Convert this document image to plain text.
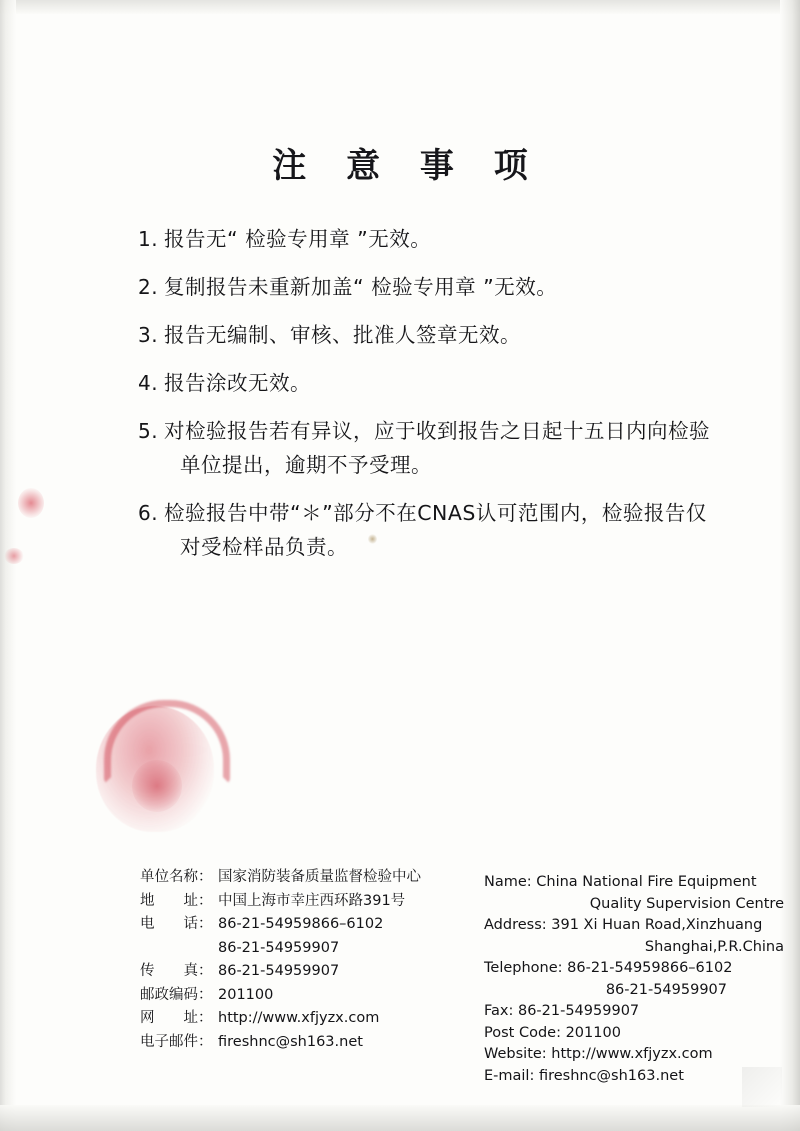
注 意 事 项
1. 报告无“ 检验专用章 ”无效。
2. 复制报告未重新加盖“ 检验专用章 ”无效。
3. 报告无编制、审核、批准人签章无效。
4. 报告涂改无效。
5. 对检验报告若有异议，应于收到报告之日起十五日内向检验
单位提出，逾期不予受理。
6. 检验报告中带“＊”部分不在CNAS认可范围内，检验报告仅
对受检样品负责。
单位名称： 国家消防装备质量监督检验中心
地　　址： 中国上海市幸庄西环路391号
电　　话： 86-21-54959866–6102
86-21-54959907
传　　真： 86-21-54959907
邮政编码： 201100
网　　址： http://www.xfjyzx.com
电子邮件： fireshnc@sh163.net
Name: China National Fire Equipment
Quality Supervision Centre
Address: 391 Xi Huan Road,Xinzhuang
Shanghai,P.R.China
Telephone: 86-21-54959866–6102
86-21-54959907
Fax: 86-21-54959907
Post Code: 201100
Website: http://www.xfjyzx.com
E-mail: fireshnc@sh163.net
